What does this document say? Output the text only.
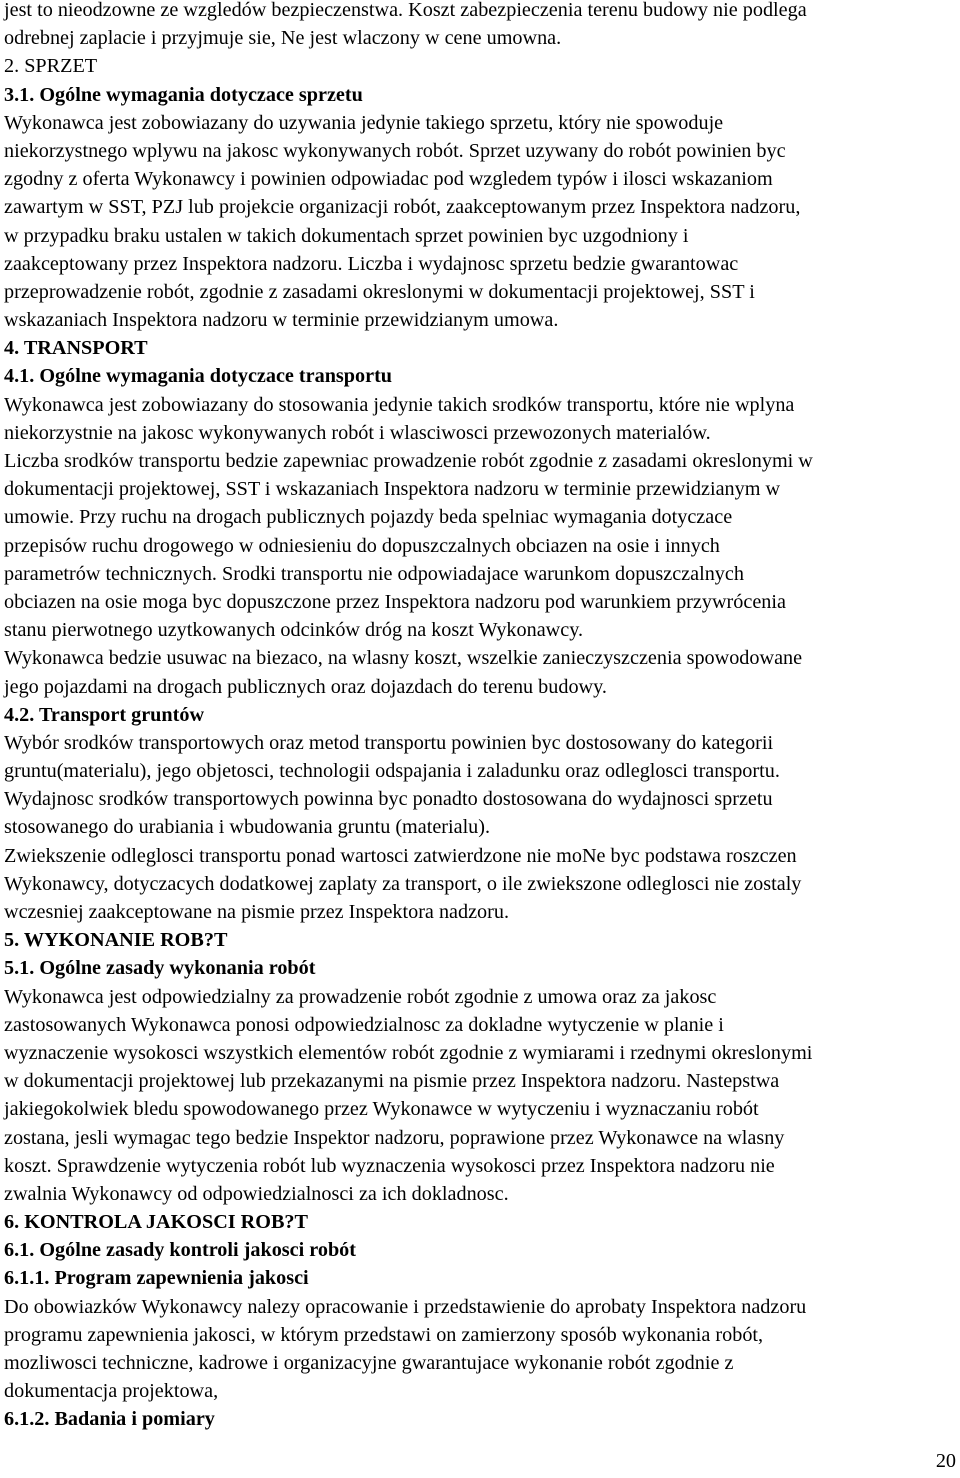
jest to nieodzowne ze wzgledów bezpieczenstwa. Koszt zabezpieczenia terenu budowy nie podlega
odrebnej zaplacie i przyjmuje sie, Ne jest wlaczony w cene umowna.
2. SPRZET
3.1. Ogólne wymagania dotyczace sprzetu
Wykonawca jest zobowiazany do uzywania jedynie takiego sprzetu, który nie spowoduje
niekorzystnego wplywu na jakosc wykonywanych robót. Sprzet uzywany do robót powinien byc
zgodny z oferta Wykonawcy i powinien odpowiadac pod wzgledem typów i ilosci wskazaniom
zawartym w SST, PZJ lub projekcie organizacji robót, zaakceptowanym przez Inspektora nadzoru,
w przypadku braku ustalen w takich dokumentach sprzet powinien byc uzgodniony i
zaakceptowany przez Inspektora nadzoru. Liczba i wydajnosc sprzetu bedzie gwarantowac
przeprowadzenie robót, zgodnie z zasadami okreslonymi w dokumentacji projektowej, SST i
wskazaniach Inspektora nadzoru w terminie przewidzianym umowa.
4. TRANSPORT
4.1. Ogólne wymagania dotyczace transportu
Wykonawca jest zobowiazany do stosowania jedynie takich srodków transportu, które nie wplyna
niekorzystnie na jakosc wykonywanych robót i wlasciwosci przewozonych materialów.
Liczba srodków transportu bedzie zapewniac prowadzenie robót zgodnie z zasadami okreslonymi w
dokumentacji projektowej, SST i wskazaniach Inspektora nadzoru w terminie przewidzianym w
umowie. Przy ruchu na drogach publicznych pojazdy beda spelniac wymagania dotyczace
przepisów ruchu drogowego w odniesieniu do dopuszczalnych obciazen na osie i innych
parametrów technicznych. Srodki transportu nie odpowiadajace warunkom dopuszczalnych
obciazen na osie moga byc dopuszczone przez Inspektora nadzoru pod warunkiem przywrócenia
stanu pierwotnego uzytkowanych odcinków dróg na koszt Wykonawcy.
Wykonawca bedzie usuwac na biezaco, na wlasny koszt, wszelkie zanieczyszczenia spowodowane
jego pojazdami na drogach publicznych oraz dojazdach do terenu budowy.
4.2. Transport gruntów
Wybór srodków transportowych oraz metod transportu powinien byc dostosowany do kategorii
gruntu(materialu), jego objetosci, technologii odspajania i zaladunku oraz odleglosci transportu.
Wydajnosc srodków transportowych powinna byc ponadto dostosowana do wydajnosci sprzetu
stosowanego do urabiania i wbudowania gruntu (materialu).
Zwiekszenie odleglosci transportu ponad wartosci zatwierdzone nie moNe byc podstawa roszczen
Wykonawcy, dotyczacych dodatkowej zaplaty za transport, o ile zwiekszone odleglosci nie zostaly
wczesniej zaakceptowane na pismie przez Inspektora nadzoru.
5. WYKONANIE ROB?T
5.1. Ogólne zasady wykonania robót
Wykonawca jest odpowiedzialny za prowadzenie robót zgodnie z umowa oraz za jakosc
zastosowanych Wykonawca ponosi odpowiedzialnosc za dokladne wytyczenie w planie i
wyznaczenie wysokosci wszystkich elementów robót zgodnie z wymiarami i rzednymi okreslonymi
w dokumentacji projektowej lub przekazanymi na pismie przez Inspektora nadzoru. Nastepstwa
jakiegokolwiek bledu spowodowanego przez Wykonawce w wytyczeniu i wyznaczaniu robót
zostana, jesli wymagac tego bedzie Inspektor nadzoru, poprawione przez Wykonawce na wlasny
koszt. Sprawdzenie wytyczenia robót lub wyznaczenia wysokosci przez Inspektora nadzoru nie
zwalnia Wykonawcy od odpowiedzialnosci za ich dokladnosc.
6. KONTROLA JAKOSCI ROB?T
6.1. Ogólne zasady kontroli jakosci robót
6.1.1. Program zapewnienia jakosci
Do obowiazków Wykonawcy nalezy opracowanie i przedstawienie do aprobaty Inspektora nadzoru
programu zapewnienia jakosci, w którym przedstawi on zamierzony sposób wykonania robót,
mozliwosci techniczne, kadrowe i organizacyjne gwarantujace wykonanie robót zgodnie z
dokumentacja projektowa,
6.1.2. Badania i pomiary
20
